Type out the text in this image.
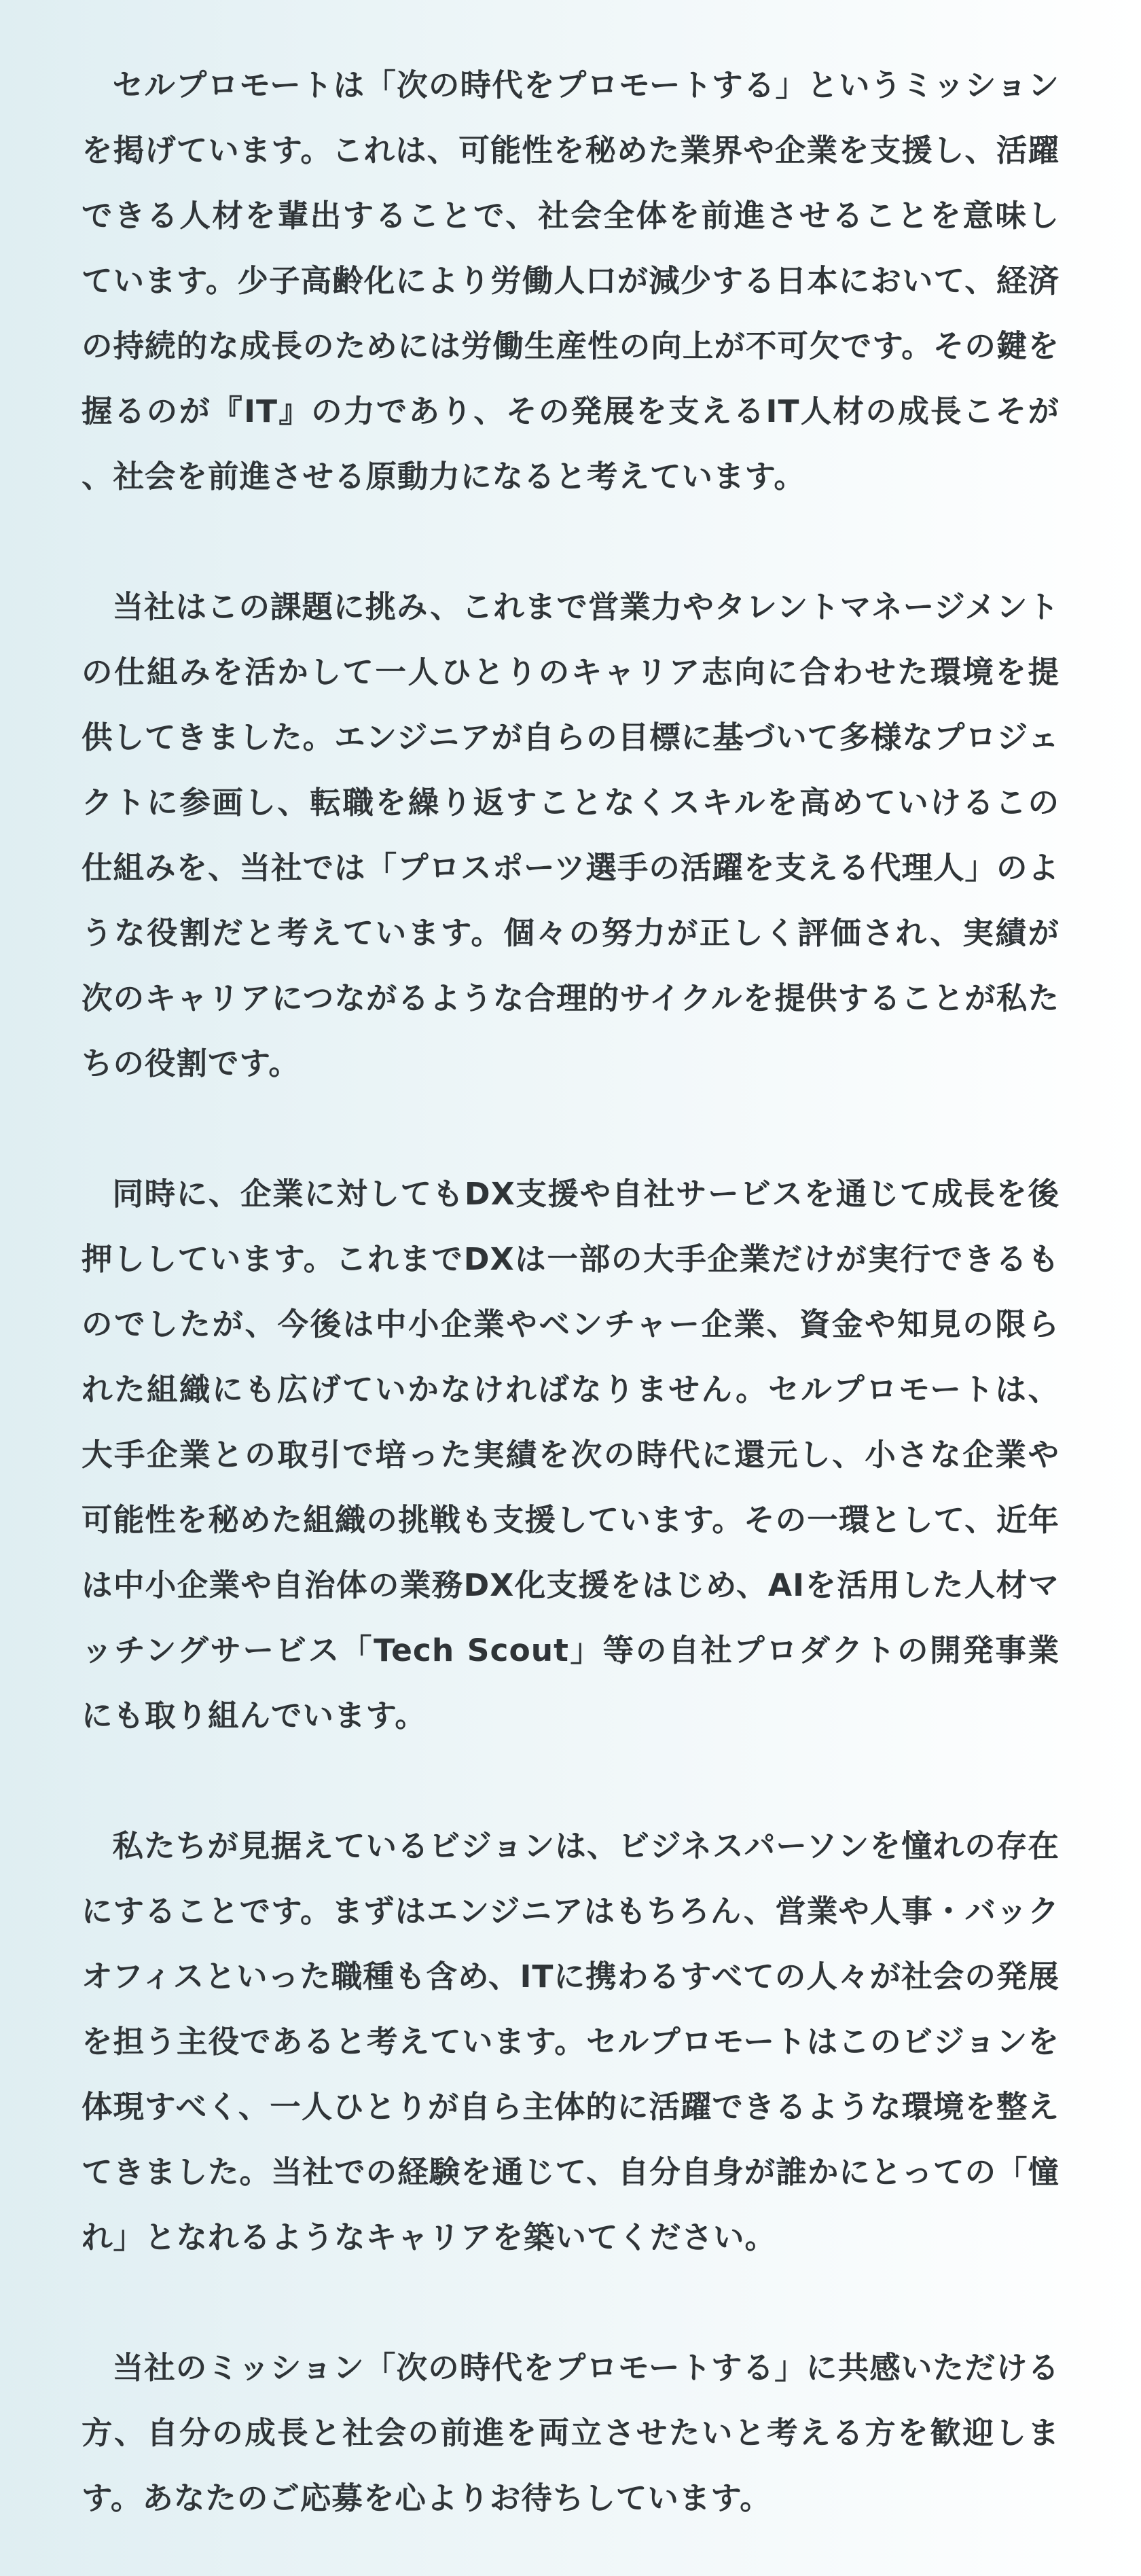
セルプロモートは「次の時代をプロモートする」というミッションを掲げています。これは、可能性を秘めた業界や企業を支援し、活躍できる人材を輩出することで、社会全体を前進させることを意味しています。少子高齢化により労働人口が減少する日本において、経済の持続的な成長のためには労働生産性の向上が不可欠です。その鍵を握るのが『IT』の力であり、その発展を支えるIT人材の成長こそが、社会を前進させる原動力になると考えています。

当社はこの課題に挑み、これまで営業力やタレントマネージメントの仕組みを活かして一人ひとりのキャリア志向に合わせた環境を提供してきました。エンジニアが自らの目標に基づいて多様なプロジェクトに参画し、転職を繰り返すことなくスキルを高めていけるこの仕組みを、当社では「プロスポーツ選手の活躍を支える代理人」のような役割だと考えています。個々の努力が正しく評価され、実績が次のキャリアにつながるような合理的サイクルを提供することが私たちの役割です。

同時に、企業に対してもDX支援や自社サービスを通じて成長を後押ししています。これまでDXは一部の大手企業だけが実行できるものでしたが、今後は中小企業やベンチャー企業、資金や知見の限られた組織にも広げていかなければなりません。セルプロモートは、大手企業との取引で培った実績を次の時代に還元し、小さな企業や可能性を秘めた組織の挑戦も支援しています。その一環として、近年は中小企業や自治体の業務DX化支援をはじめ、AIを活用した人材マッチングサービス「Tech Scout」等の自社プロダクトの開発事業にも取り組んでいます。

私たちが見据えているビジョンは、ビジネスパーソンを憧れの存在にすることです。まずはエンジニアはもちろん、営業や人事・バックオフィスといった職種も含め、ITに携わるすべての人々が社会の発展を担う主役であると考えています。セルプロモートはこのビジョンを体現すべく、一人ひとりが自ら主体的に活躍できるような環境を整えてきました。当社での経験を通じて、自分自身が誰かにとっての「憧れ」となれるようなキャリアを築いてください。

当社のミッション「次の時代をプロモートする」に共感いただける方、自分の成長と社会の前進を両立させたいと考える方を歓迎します。あなたのご応募を心よりお待ちしています。
